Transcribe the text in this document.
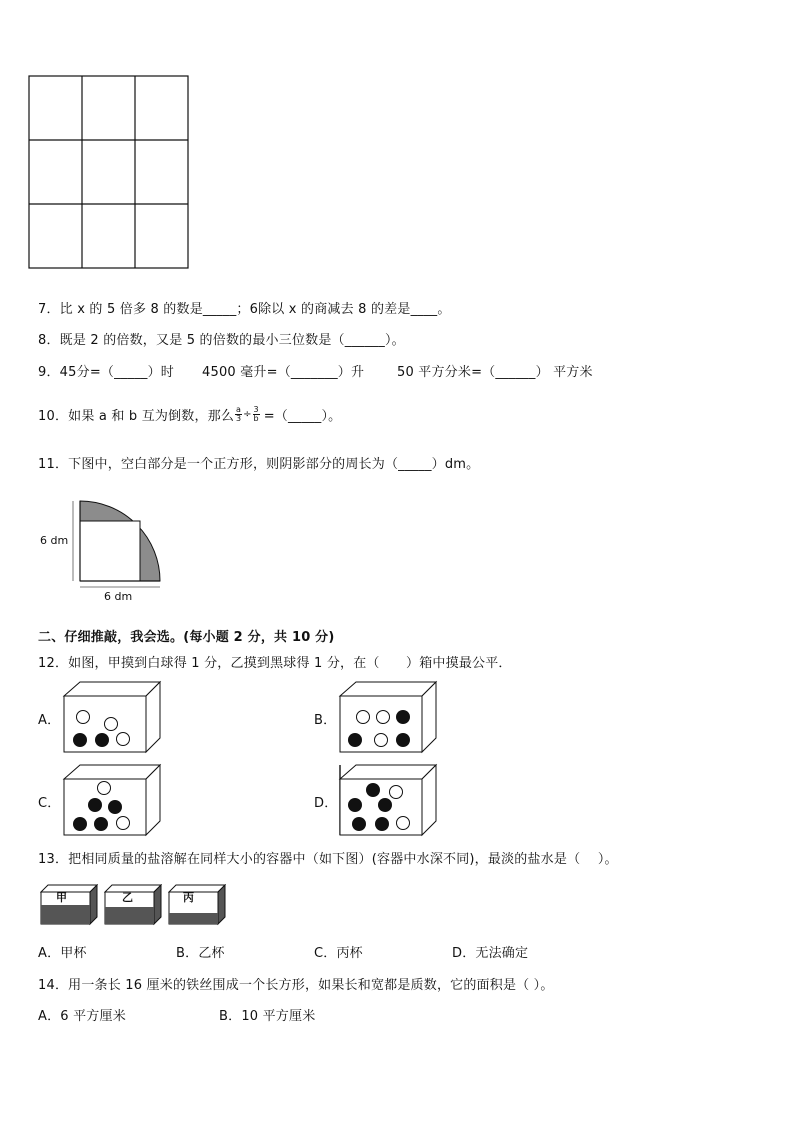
7．比 x 的 5 倍多 8 的数是_____；6除以 x 的商减去 8 的差是____。
8．既是 2 的倍数，又是 5 的倍数的最小三位数是（______）。
9．45分=（_____）时 4500 毫升=（_______）升	50 平方分米=（______） 平方米
10．如果 a 和 b 互为倒数，那么 a
3 ÷ 3
b =（_____）。
11．下图中，空白部分是一个正方形，则阴影部分的周长为（_____）dm。
6 dm
6 dm
二、仔细推敲，我会选。(每小题 2 分，共 10 分)
12．如图，甲摸到白球得 1 分，乙摸到黑球得 1 分，在（　　）箱中摸最公平．
A．	B．
C．	D．
13．把相同质量的盐溶解在同样大小的容器中（如下图）(容器中水深不同)，最淡的盐水是（　 ）。
甲	乙	丙
A．甲杯	B．乙杯	C．丙杯	D．无法确定
14．用一条长 16 厘米的铁丝围成一个长方形，如果长和宽都是质数，它的面积是（ ）。
A．6 平方厘米	B．10 平方厘米
